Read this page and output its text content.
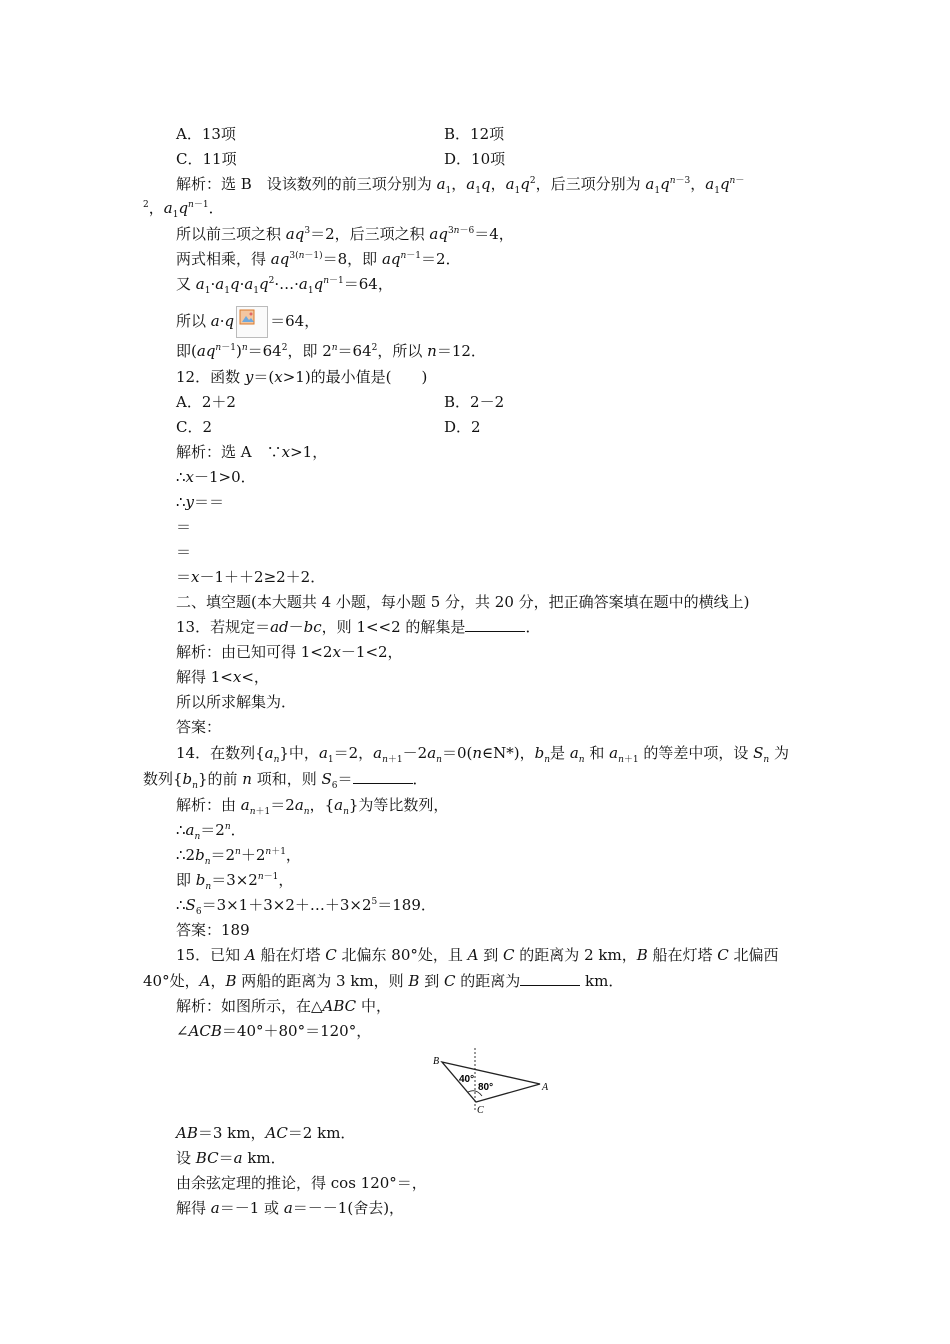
A．13项	B．12项
C．11项	D．10项
解析：选 B　设该数列的前三项分别为 $a_1$，$a_1q$，$a_1q^2$，后三项分别为 $a_1q^{n-3}$，$a_1q^{n-}$
$^2$，$a_1q^{n-1}$．
所以前三项之积 $aq^3=2$，后三项之积 $aq^{3n-6}=4$，
两式相乘，得 $aq^{3(n-1)}=8$，即 $aq^{n-1}=2$．
又 $a_1\cdot a_1q\cdot a_1q^2\cdot\dots\cdot a_1q^{n-1}=64$，
所以 a·q ＝64，
即$(aq^{n-1})^n=64^2$，即 $2^n=64^2$，所以 n＝12．
12．函数 y＝(x>1)的最小值是(　　)
A．2＋2	B．2－2
C．2	D．2
解析：选 A　∵x>1，
∴x－1>0．
∴y＝＝
＝
＝
＝x－1＋＋2≥2＋2．
二、填空题(本大题共 4 小题，每小题 5 分，共 20 分，把正确答案填在题中的横线上)
13．若规定＝ad－bc，则 1<<2 的解集是	．
解析：由已知可得 1<2x－1<2，
解得 1<x<，
所以所求解集为．
答案：
14．在数列$\{a_n\}$中，$a_1=2$，$a_{n+1}-2a_n=0(n\in N*)$，$b_n$是 $a_n$ 和 $a_{n+1}$ 的等差中项，设 $S_n$ 为
数列$\{b_n\}$的前 n 项和，则 $S_6=$	．
解析：由 $a_{n+1}=2a_n$，$\{a_n\}$为等比数列，
$\therefore a_n=2^n$．
$\therefore 2b_n=2^n+2^{n+1}$，
即 $b_n=3\times 2^{n-1}$，
$\therefore S_6=3\times 1+3\times 2+\dots+3\times 2^5=189$．
答案：189
15．已知 A 船在灯塔 C 北偏东 80°处，且 A 到 C 的距离为 2 km，B 船在灯塔 C 北偏西
40°处，A，B 两船的距离为 3 km，则 B 到 C 的距离为	km．
解析：如图所示，在△ABC 中，
∠ACB＝40°＋80°＝120°，
B
A
C
40°
80°
AB＝3 km，AC＝2 km．
设 BC＝a km．
由余弦定理的推论，得 cos 120°＝，
解得 a＝－1 或 a＝－－1(舍去)，
